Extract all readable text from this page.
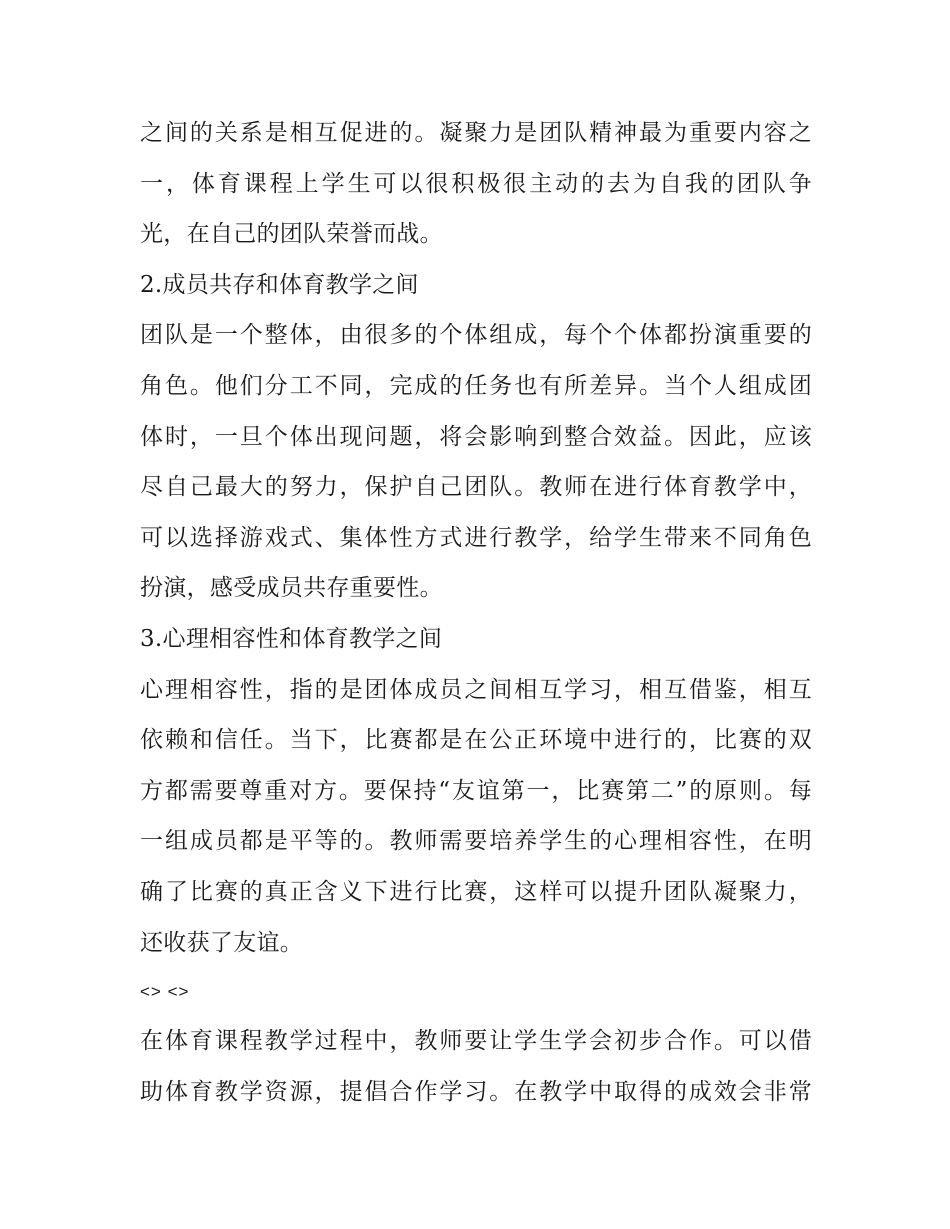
之间的关系是相互促进的。凝聚力是团队精神最为重要内容之
一，体育课程上学生可以很积极很主动的去为自我的团队争
光，在自己的团队荣誉而战。
2.成员共存和体育教学之间
团队是一个整体，由很多的个体组成，每个个体都扮演重要的
角色。他们分工不同，完成的任务也有所差异。当个人组成团
体时，一旦个体出现问题，将会影响到整合效益。因此，应该
尽自己最大的努力，保护自己团队。教师在进行体育教学中，
可以选择游戏式、集体性方式进行教学，给学生带来不同角色
扮演，感受成员共存重要性。
3.心理相容性和体育教学之间
心理相容性，指的是团体成员之间相互学习，相互借鉴，相互
依赖和信任。当下，比赛都是在公正环境中进行的，比赛的双
方都需要尊重对方。要保持“友谊第一，比赛第二”的原则。每
一组成员都是平等的。教师需要培养学生的心理相容性，在明
确了比赛的真正含义下进行比赛，这样可以提升团队凝聚力，
还收获了友谊。
<> <>
在体育课程教学过程中，教师要让学生学会初步合作。可以借
助体育教学资源，提倡合作学习。在教学中取得的成效会非常
